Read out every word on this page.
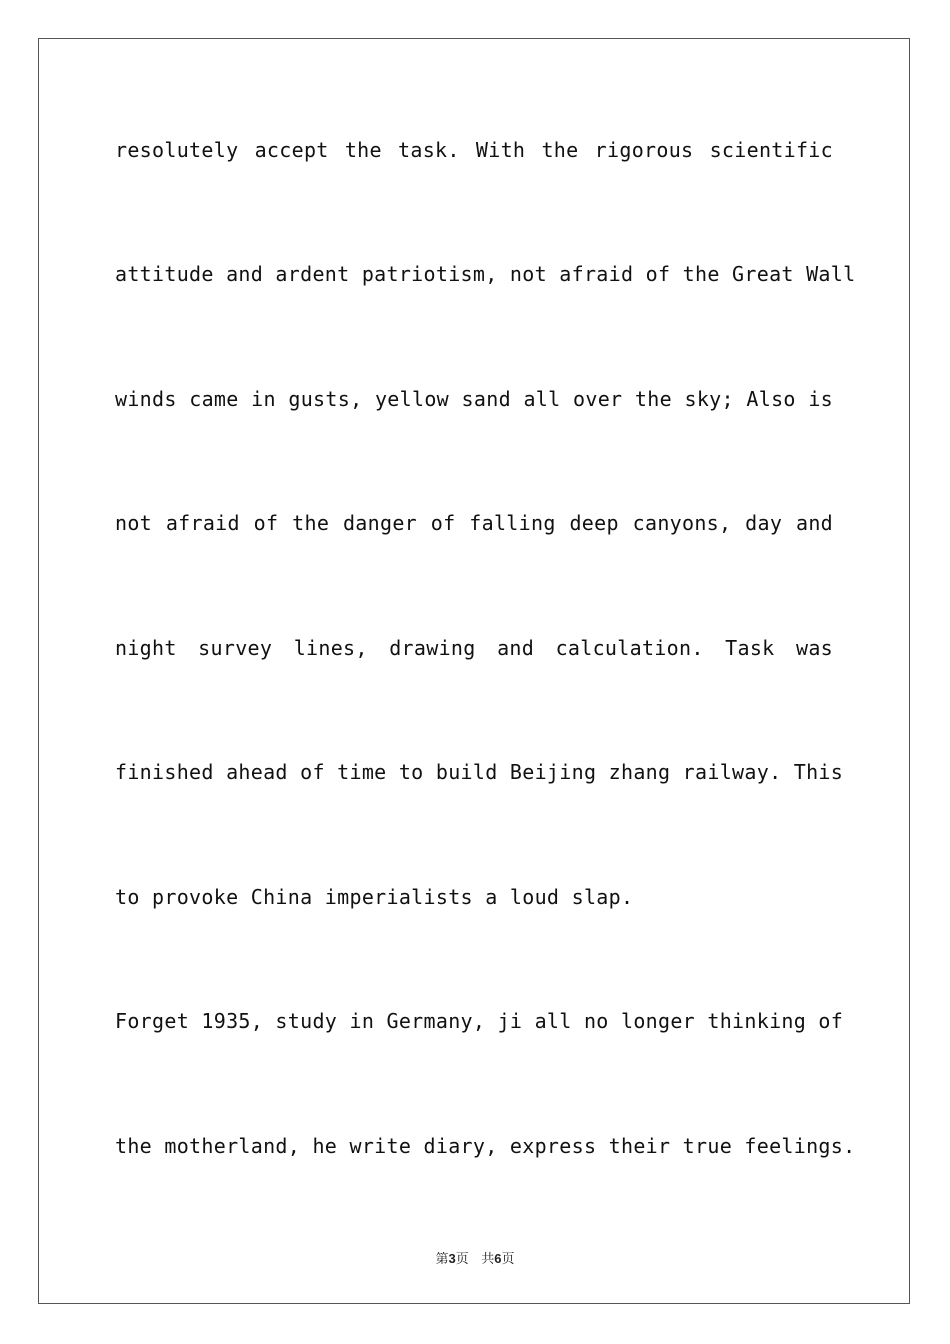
resolutely accept the task. With the rigorous scientific
attitude and ardent patriotism, not afraid of the Great Wall
winds came in gusts, yellow sand all over the sky; Also is
not afraid of the danger of falling deep canyons, day and
night survey lines, drawing and calculation. Task was
finished ahead of time to build Beijing zhang railway. This
to provoke China imperialists a loud slap.
Forget 1935, study in Germany, ji all no longer thinking of
the motherland, he write diary, express their true feelings.
第3页 共6页
